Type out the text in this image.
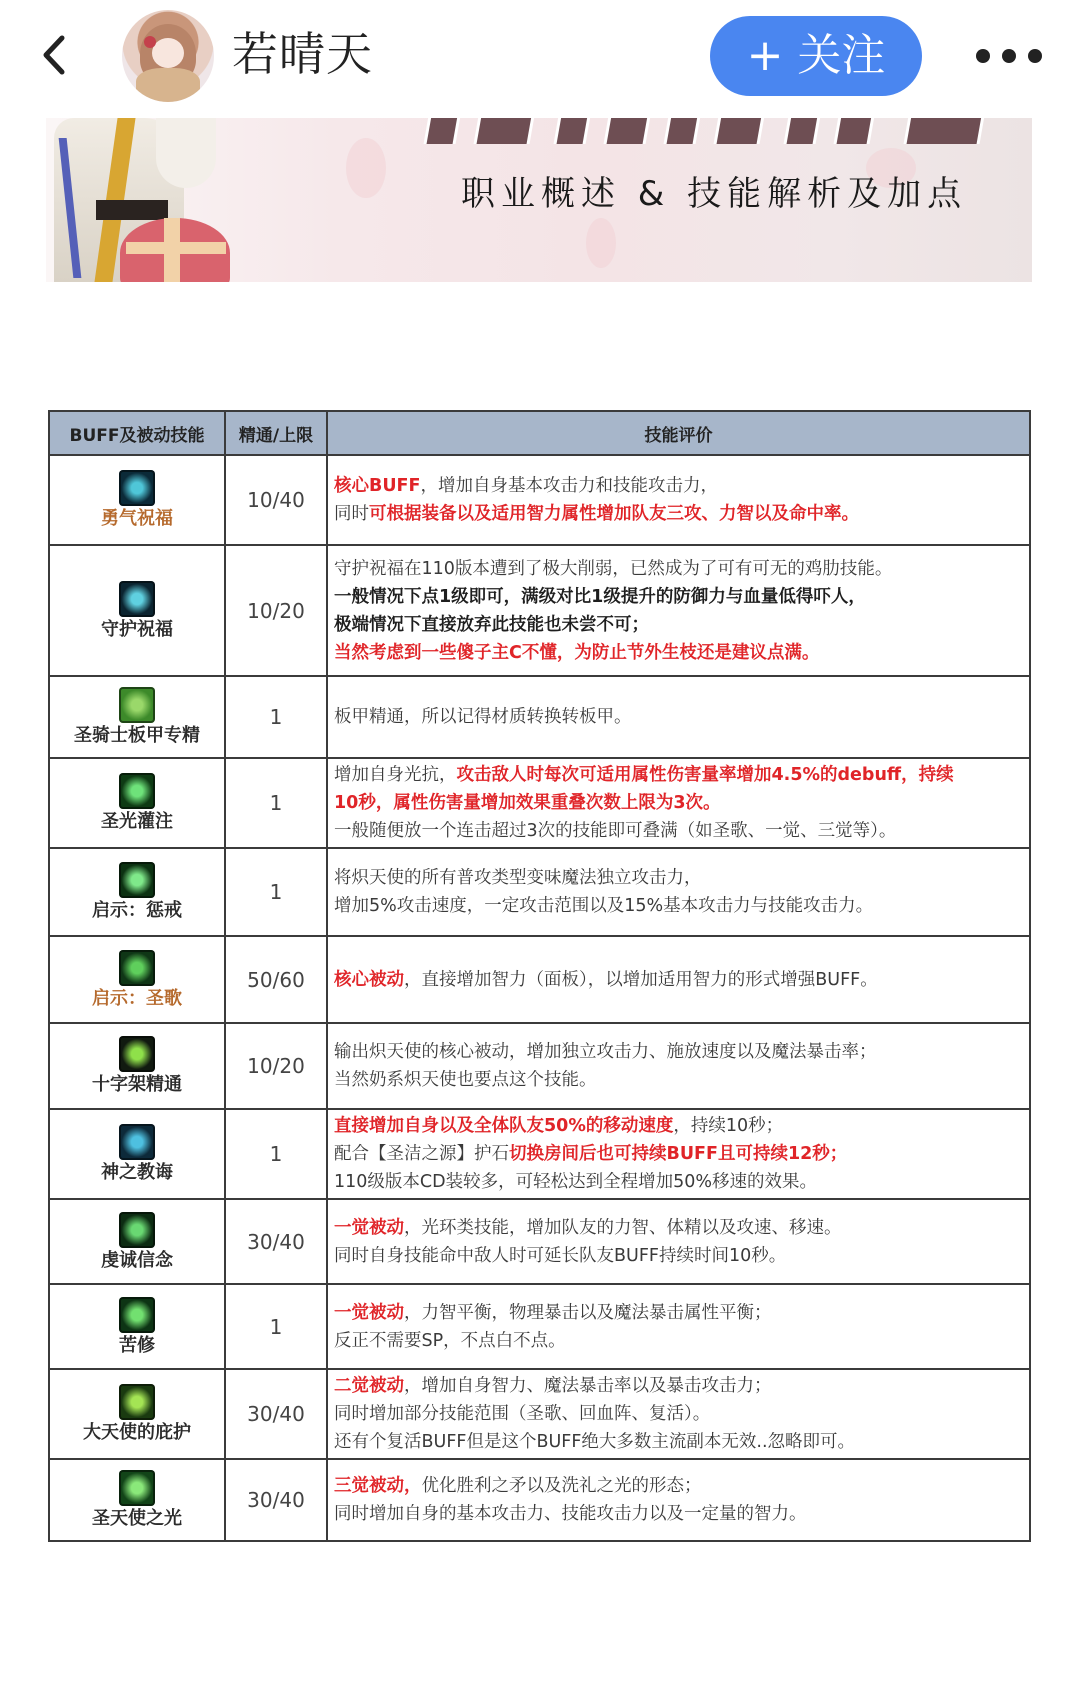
若晴天	+ 关注
职业概述 & 技能解析及加点
BUFF及被动技能	精通/上限	技能评价

勇气祝福	10/40	核心BUFF，增加自身基本攻击力和技能攻击力，
同时可根据装备以及适用智力属性增加队友三攻、力智以及命中率。

守护祝福	10/20	守护祝福在110版本遭到了极大削弱，已然成为了可有可无的鸡肋技能。
一般情况下点1级即可，满级对比1级提升的防御力与血量低得吓人，
极端情况下直接放弃此技能也未尝不可；
当然考虑到一些傻子主C不懂，为防止节外生枝还是建议点满。

圣骑士板甲专精	1	板甲精通，所以记得材质转换转板甲。

圣光灌注	1	增加自身光抗，攻击敌人时每次可适用属性伤害量率增加4.5%的debuff，持续
10秒，属性伤害量增加效果重叠次数上限为3次。
一般随便放一个连击超过3次的技能即可叠满（如圣歌、一觉、三觉等）。

启示：惩戒	1	将炽天使的所有普攻类型变味魔法独立攻击力，
增加5%攻击速度，一定攻击范围以及15%基本攻击力与技能攻击力。

启示：圣歌	50/60	核心被动，直接增加智力（面板），以增加适用智力的形式增强BUFF。

十字架精通	10/20	输出炽天使的核心被动，增加独立攻击力、施放速度以及魔法暴击率；
当然奶系炽天使也要点这个技能。

神之教诲	1	直接增加自身以及全体队友50%的移动速度，持续10秒；
配合【圣洁之源】护石切换房间后也可持续BUFF且可持续12秒；
110级版本CD装较多，可轻松达到全程增加50%移速的效果。

虔诚信念	30/40	一觉被动，光环类技能，增加队友的力智、体精以及攻速、移速。
同时自身技能命中敌人时可延长队友BUFF持续时间10秒。

苦修	1	一觉被动，力智平衡，物理暴击以及魔法暴击属性平衡；
反正不需要SP，不点白不点。

大天使的庇护	30/40	二觉被动，增加自身智力、魔法暴击率以及暴击攻击力；
同时增加部分技能范围（圣歌、回血阵、复活）。
还有个复活BUFF但是这个BUFF绝大多数主流副本无效..忽略即可。

圣天使之光	30/40	三觉被动，优化胜利之矛以及洗礼之光的形态；
同时增加自身的基本攻击力、技能攻击力以及一定量的智力。
